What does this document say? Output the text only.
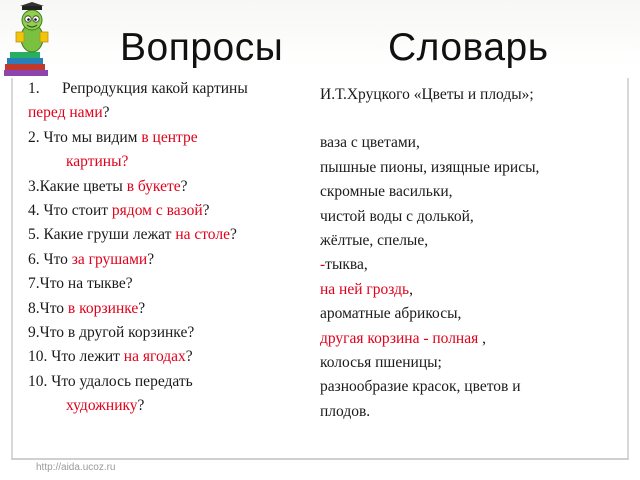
Вопросы	Словарь
1. Репродукция какой картины
перед нами?
2. Что мы видим в центре
картины?
3.Какие цветы в букете?
4. Что стоит рядом с вазой?
5. Какие груши лежат на столе?
6. Что за грушами?
7.Что на тыкве?
8.Что в корзинке?
9.Что в другой корзинке?
10. Что лежит на ягодах?
10. Что удалось передать
художнику?
И.Т.Хруцкого «Цветы и плоды»;
ваза с цветами,
пышные пионы, изящные ирисы,
скромные васильки,
чистой воды с долькой,
жёлтые, спелые,
-тыква,
на ней гроздь,
ароматные абрикосы,
другая корзина - полная ,
колосья пшеницы;
разнообразие красок, цветов и
плодов.
http://aida.ucoz.ru
